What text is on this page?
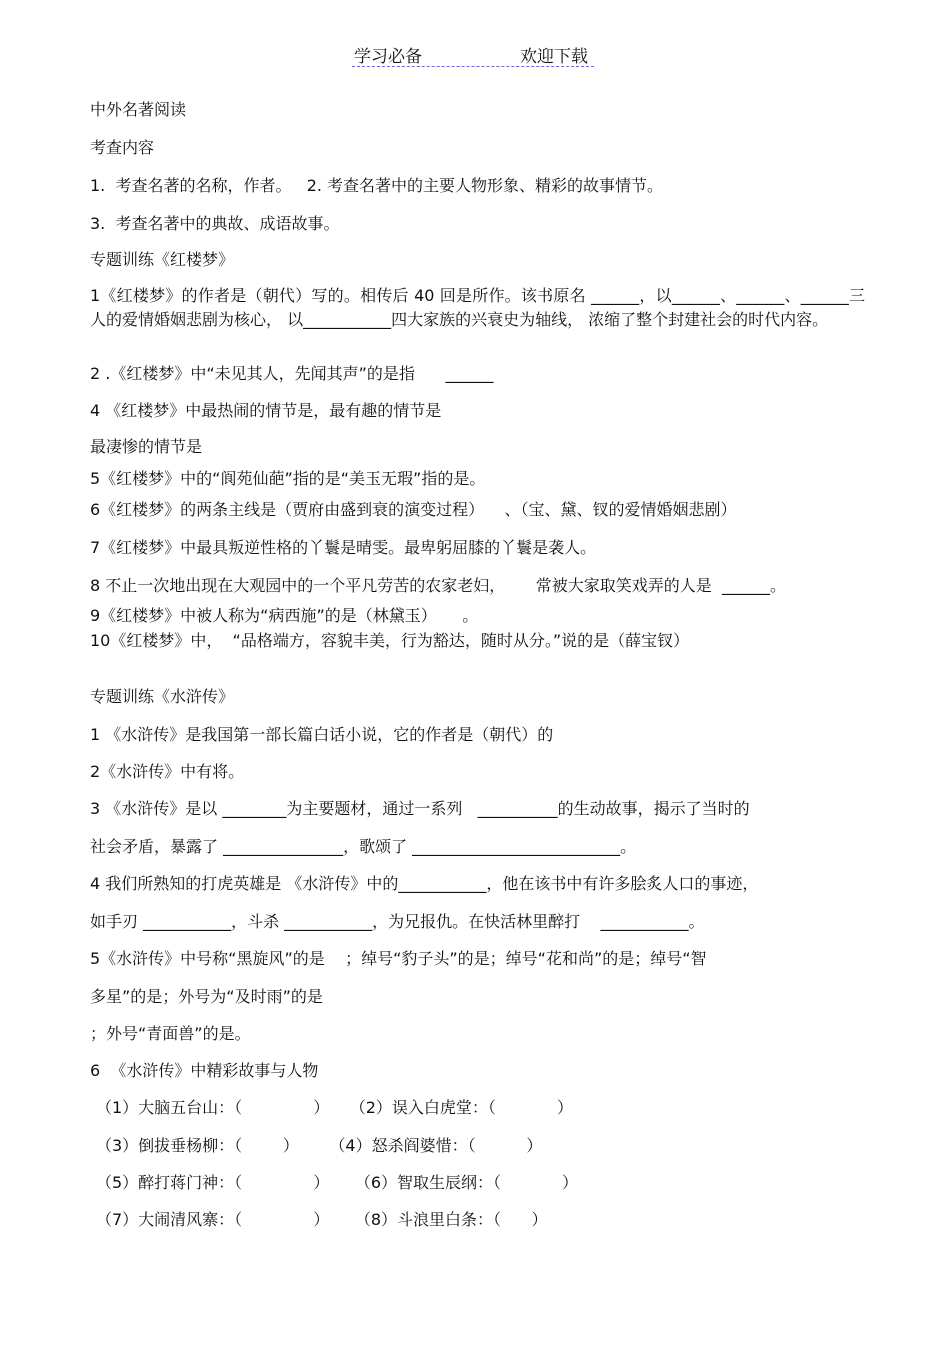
学习必备	欢迎下载
中外名著阅读
考查内容
1.  考查名著的名称，作者。   2. 考查名著中的主要人物形象、精彩的故事情节。
3.  考查名著中的典故、成语故事。
专题训练《红楼梦》
1《红楼梦》的作者是（朝代）写的。相传后 40 回是所作。该书原名 ______，以______、______、______三人的爱情婚姻悲剧为核心， 以___________四大家族的兴衰史为轴线， 浓缩了整个封建社会的时代内容。
2 .《红楼梦》中“未见其人，先闻其声”的是指      ______
4 《红楼梦》中最热闹的情节是，最有趣的情节是
最凄惨的情节是
5《红楼梦》中的“阆苑仙葩”指的是“美玉无瑕”指的是。
6《红楼梦》的两条主线是（贾府由盛到衰的演变过程）    、（宝、黛、钗的爱情婚姻悲剧）
7《红楼梦》中最具叛逆性格的丫鬟是晴雯。最卑躬屈膝的丫鬟是袭人。
8 不止一次地出现在大观园中的一个平凡劳苦的农家老妇，      常被大家取笑戏弄的人是  ______。
9《红楼梦》中被人称为“病西施”的是（林黛玉）     。
10《红楼梦》中，  “品格端方，容貌丰美，行为豁达，随时从分。”说的是（薛宝钗）
专题训练《水浒传》
1 《水浒传》是我国第一部长篇白话小说，它的作者是（朝代）的
2《水浒传》中有将。
3 《水浒传》是以 ________为主要题材，通过一系列   __________的生动故事，揭示了当时的
社会矛盾，暴露了 _______________，歌颂了 __________________________。
4 我们所熟知的打虎英雄是 《水浒传》中的___________，他在该书中有许多脍炙人口的事迹，
如手刃 ___________，斗杀 ___________，为兄报仇。在快活林里醉打    ___________。
5《水浒传》中号称“黑旋风”的是    ；绰号“豹子头”的是；绰号“花和尚”的是；绰号“智
多星”的是；外号为“及时雨”的是
；外号“青面兽”的是。
6  《水浒传》中精彩故事与人物
（1）大脑五台山：（              ）    （2）误入白虎堂：（            ）
（3）倒拔垂杨柳：（        ）      （4）怒杀阎婆惜：（          ）
（5）醉打蒋门神：（              ）     （6）智取生辰纲：（            ）
（7）大闹清风寨：（              ）     （8）斗浪里白条：（      ）
